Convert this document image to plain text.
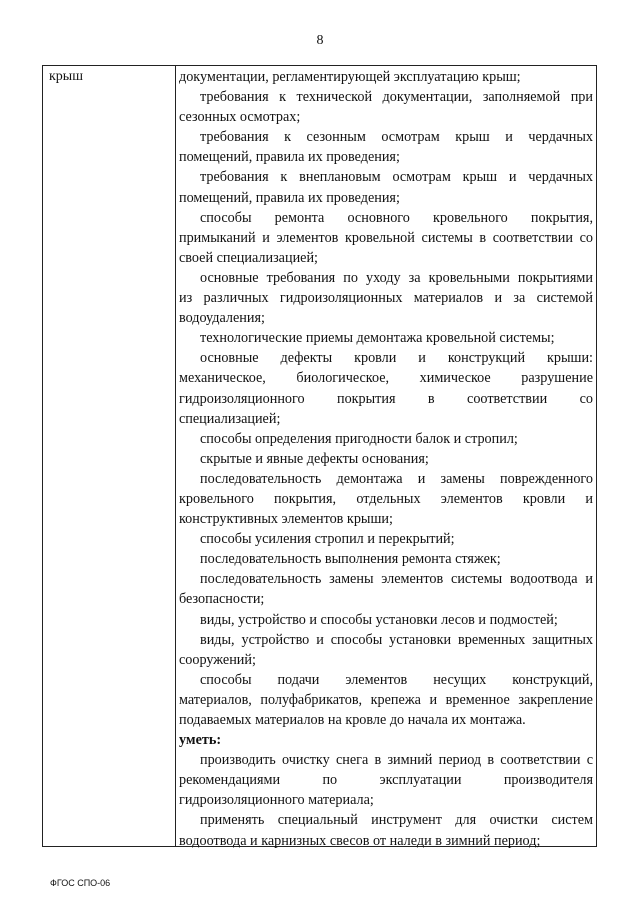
8
крыш	документации, регламентирующей эксплуатацию крыш;
требования к технической документации, заполняемой при
сезонных осмотрах;
требования к сезонным осмотрам крыш и чердачных
помещений, правила их проведения;
требования к внеплановым осмотрам крыш и чердачных
помещений, правила их проведения;
способы ремонта основного кровельного покрытия,
примыканий и элементов кровельной системы в соответствии со
своей специализацией;
основные требования по уходу за кровельными покрытиями
из различных гидроизоляционных материалов и за системой
водоудаления;
технологические приемы демонтажа кровельной системы;
основные дефекты кровли и конструкций крыши:
механическое, биологическое, химическое разрушение
гидроизоляционного покрытия в соответствии со
специализацией;
способы определения пригодности балок и стропил;
скрытые и явные дефекты основания;
последовательность демонтажа и замены поврежденного
кровельного покрытия, отдельных элементов кровли и
конструктивных элементов крыши;
способы усиления стропил и перекрытий;
последовательность выполнения ремонта стяжек;
последовательность замены элементов системы водоотвода и
безопасности;
виды, устройство и способы установки лесов и подмостей;
виды, устройство и способы установки временных защитных
сооружений;
способы подачи элементов несущих конструкций,
материалов, полуфабрикатов, крепежа и временное закрепление
подаваемых материалов на кровле до начала их монтажа.
уметь:
производить очистку снега в зимний период в соответствии с
рекомендациями по эксплуатации производителя
гидроизоляционного материала;
применять специальный инструмент для очистки систем
водоотвода и карнизных свесов от наледи в зимний период;
ФГОС СПО-06
